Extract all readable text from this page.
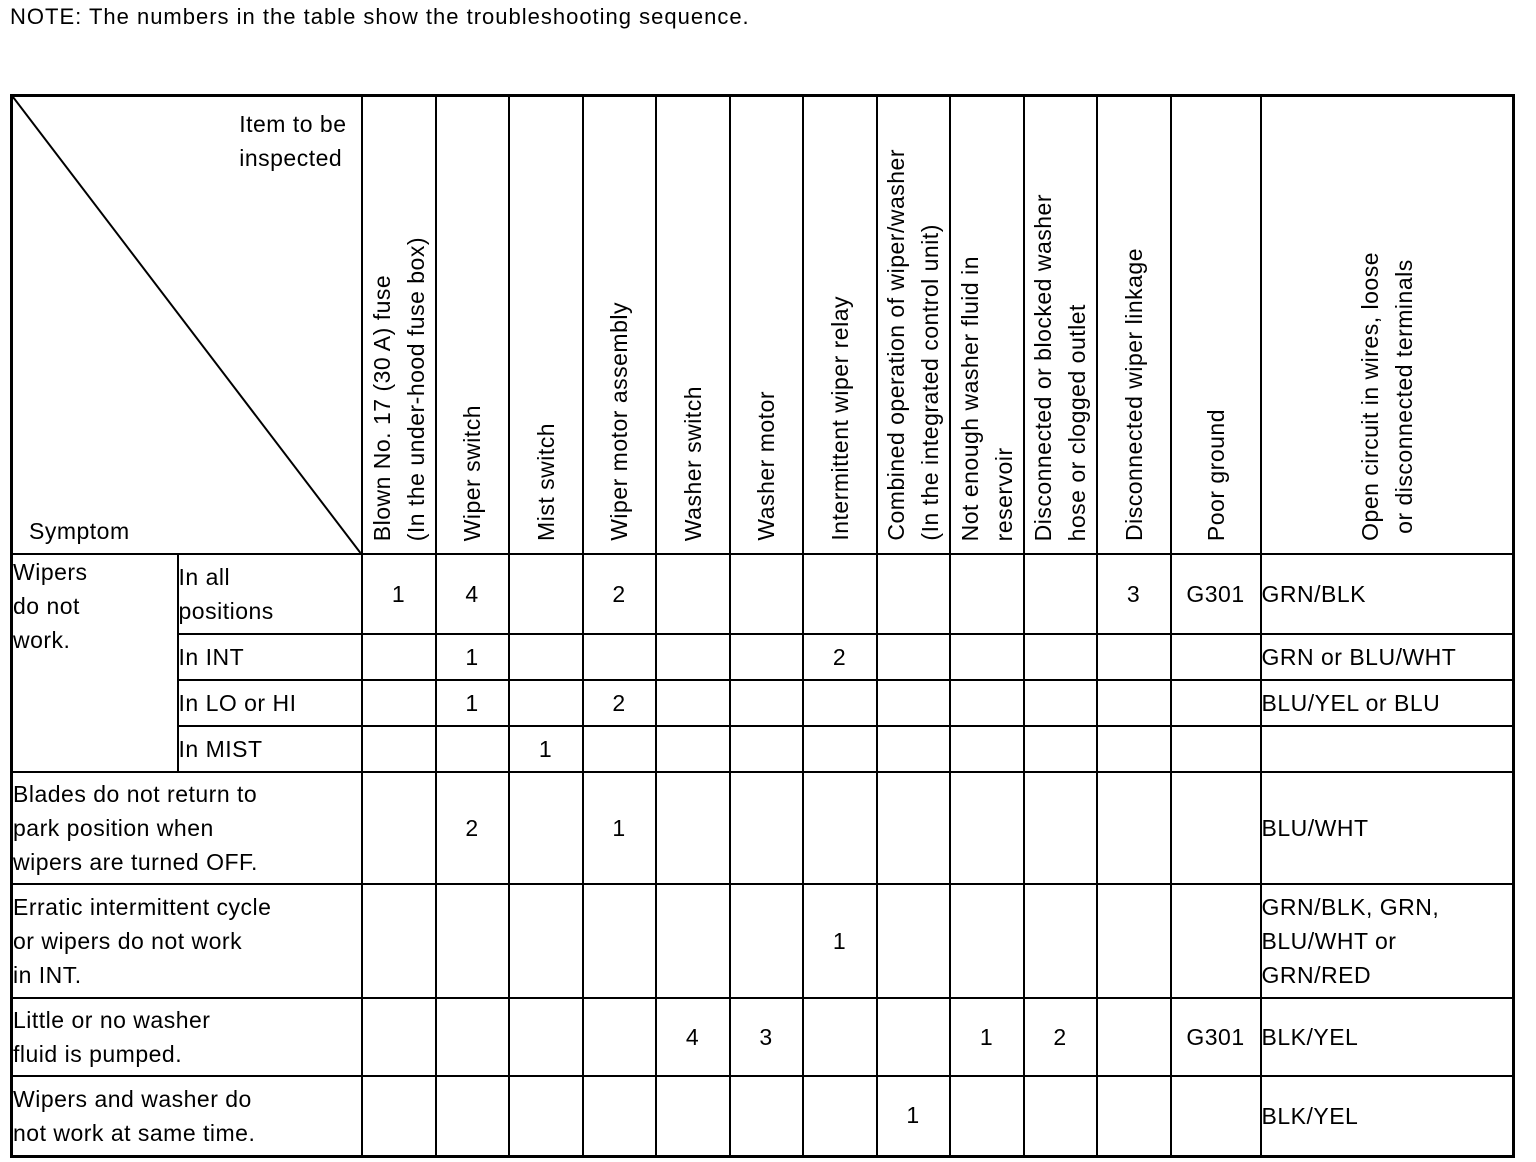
NOTE: The numbers in the table show the troubleshooting sequence.
Item to be
inspected
Symptom		Blown No. 17 (30 A) fuse
(In the under-hood fuse box)	Wiper switch	Mist switch	Wiper motor assembly	Washer switch	Washer motor	Intermittent wiper relay	Combined operation of wiper/washer
(In the integrated control unit)	Not enough washer fluid in
reservoir	Disconnected or blocked washer
hose or clogged outlet	Disconnected wiper linkage	Poor ground	Open circuit in wires, loose
or disconnected terminals

Wipers
do not
work.	In all
positions	1	4		2							3	G301	GRN/BLK
	In INT		1					2						GRN or BLU/WHT
	In LO or HI		1		2									BLU/YEL or BLU
	In MIST			1										
Blades do not return to
park position when
wipers are turned OFF.			2		1									BLU/WHT
Erratic intermittent cycle
or wipers do not work
in INT.								1						GRN/BLK, GRN,
BLU/WHT or
GRN/RED
Little or no washer
fluid is pumped.						4	3			1	2		G301	BLK/YEL
Wipers and washer do
not work at same time.									1					BLK/YEL
